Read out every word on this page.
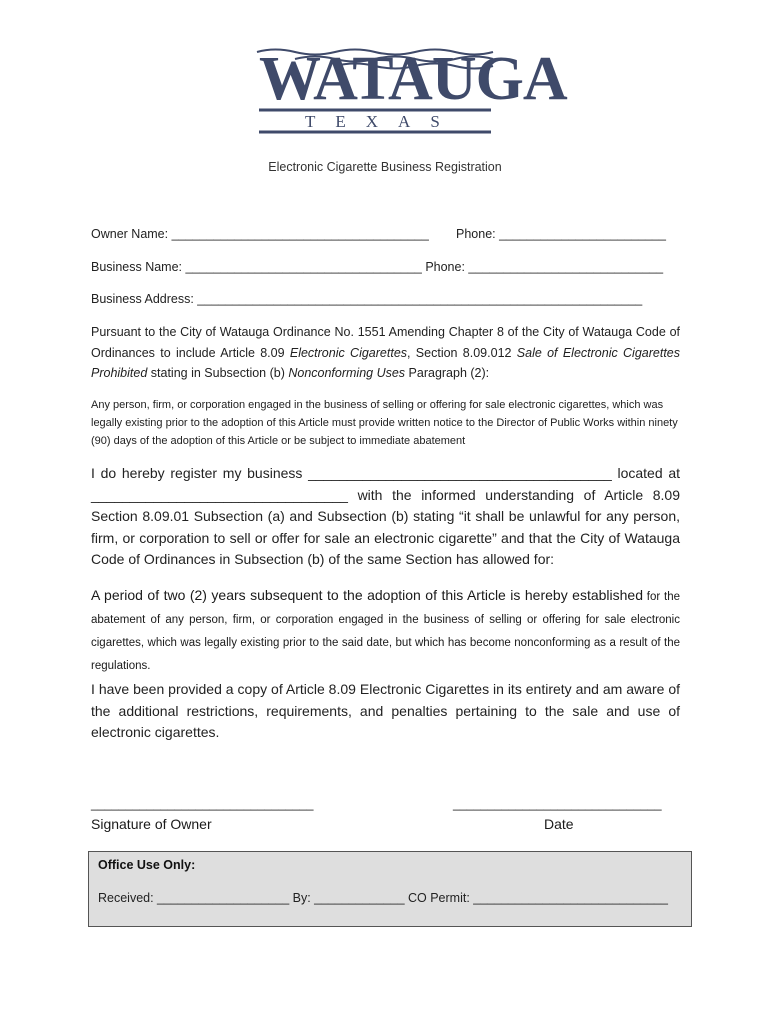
WATAUGA
TEXAS
Electronic Cigarette Business Registration
Owner Name: _____________________________________ Phone: ________________________
Business Name: __________________________________ Phone: ____________________________
Business Address: ________________________________________________________________
Pursuant to the City of Watauga Ordinance No. 1551 Amending Chapter 8 of the City of Watauga Code of Ordinances to include Article 8.09 Electronic Cigarettes, Section 8.09.012 Sale of Electronic Cigarettes Prohibited stating in Subsection (b) Nonconforming Uses Paragraph (2):
Any person, firm, or corporation engaged in the business of selling or offering for sale electronic cigarettes, which was legally existing prior to the adoption of this Article must provide written notice to the Director of Public Works within ninety (90) days of the adoption of this Article or be subject to immediate abatement
I do hereby register my business _______________________________________ located at _________________________________ with the informed understanding of Article 8.09 Section 8.09.01 Subsection (a) and Subsection (b) stating “it shall be unlawful for any person, firm, or corporation to sell or offer for sale an electronic cigarette” and that the City of Watauga Code of Ordinances in Subsection (b) of the same Section has allowed for:
A period of two (2) years subsequent to the adoption of this Article is hereby established for the abatement of any person, firm, or corporation engaged in the business of selling or offering for sale electronic cigarettes, which was legally existing prior to the said date, but which has become nonconforming as a result of the regulations.
I have been provided a copy of Article 8.09 Electronic Cigarettes in its entirety and am aware of the additional restrictions, requirements, and penalties pertaining to the sale and use of electronic cigarettes.
________________________________	______________________________
Signature of Owner	Date
Office Use Only:
Received: ___________________ By: _____________ CO Permit: ____________________________
